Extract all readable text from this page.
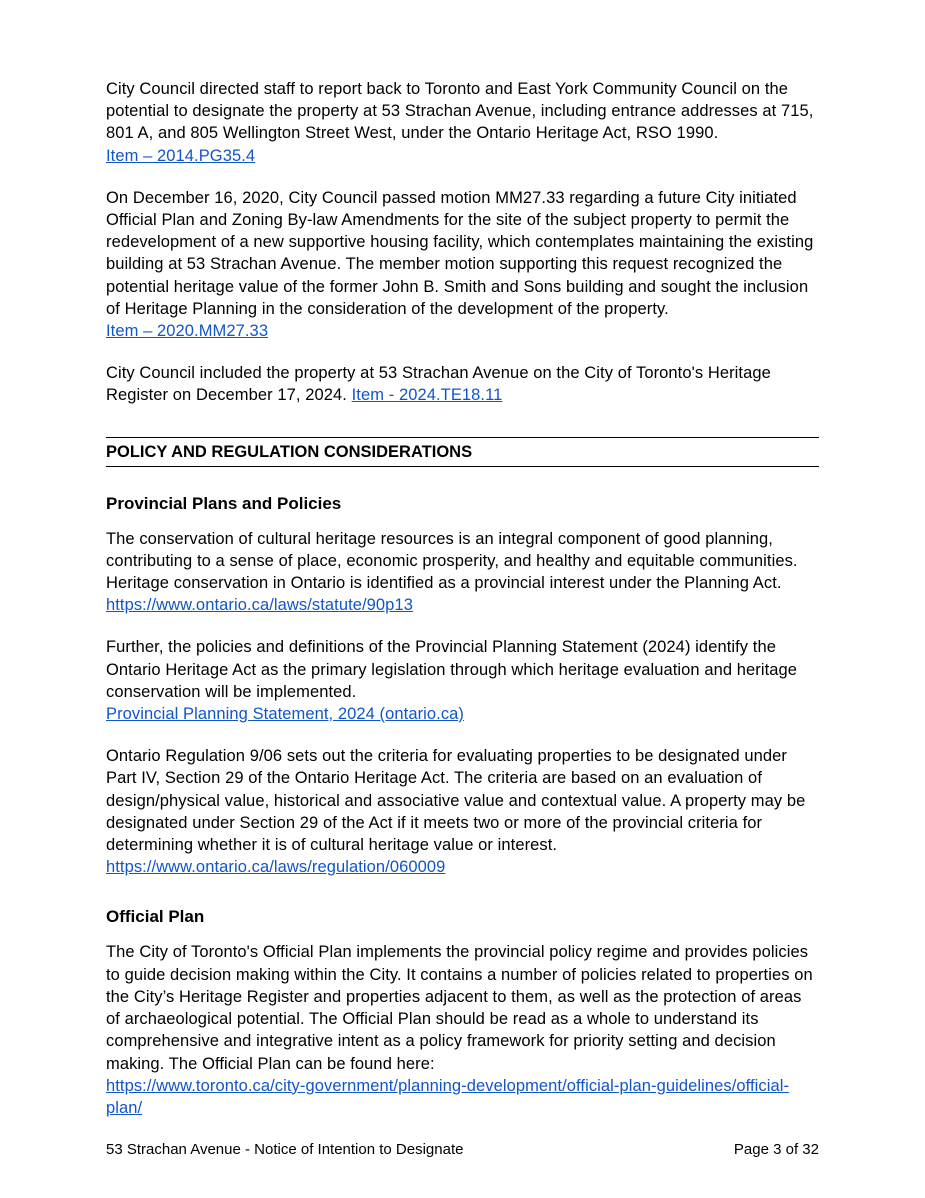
City Council directed staff to report back to Toronto and East York Community Council on the potential to designate the property at 53 Strachan Avenue, including entrance addresses at 715, 801 A, and 805 Wellington Street West, under the Ontario Heritage Act, RSO 1990. Item – 2014.PG35.4

On December 16, 2020, City Council passed motion MM27.33 regarding a future City initiated Official Plan and Zoning By-law Amendments for the site of the subject property to permit the redevelopment of a new supportive housing facility, which contemplates maintaining the existing building at 53 Strachan Avenue. The member motion supporting this request recognized the potential heritage value of the former John B. Smith and Sons building and sought the inclusion of Heritage Planning in the consideration of the development of the property. Item – 2020.MM27.33

City Council included the property at 53 Strachan Avenue on the City of Toronto's Heritage Register on December 17, 2024. Item - 2024.TE18.11

POLICY AND REGULATION CONSIDERATIONS
Provincial Plans and Policies

The conservation of cultural heritage resources is an integral component of good planning, contributing to a sense of place, economic prosperity, and healthy and equitable communities. Heritage conservation in Ontario is identified as a provincial interest under the Planning Act. https://www.ontario.ca/laws/statute/90p13

Further, the policies and definitions of the Provincial Planning Statement (2024) identify the Ontario Heritage Act as the primary legislation through which heritage evaluation and heritage conservation will be implemented.
Provincial Planning Statement, 2024 (ontario.ca)

Ontario Regulation 9/06 sets out the criteria for evaluating properties to be designated under Part IV, Section 29 of the Ontario Heritage Act. The criteria are based on an evaluation of design/physical value, historical and associative value and contextual value. A property may be designated under Section 29 of the Act if it meets two or more of the provincial criteria for determining whether it is of cultural heritage value or interest.
https://www.ontario.ca/laws/regulation/060009

Official Plan

The City of Toronto's Official Plan implements the provincial policy regime and provides policies to guide decision making within the City. It contains a number of policies related to properties on the City’s Heritage Register and properties adjacent to them, as well as the protection of areas of archaeological potential. The Official Plan should be read as a whole to understand its comprehensive and integrative intent as a policy framework for priority setting and decision making. The Official Plan can be found here:
https://www.toronto.ca/city-government/planning-development/official-plan-guidelines/official-plan/

53 Strachan Avenue - Notice of Intention to Designate	Page 3 of 32
